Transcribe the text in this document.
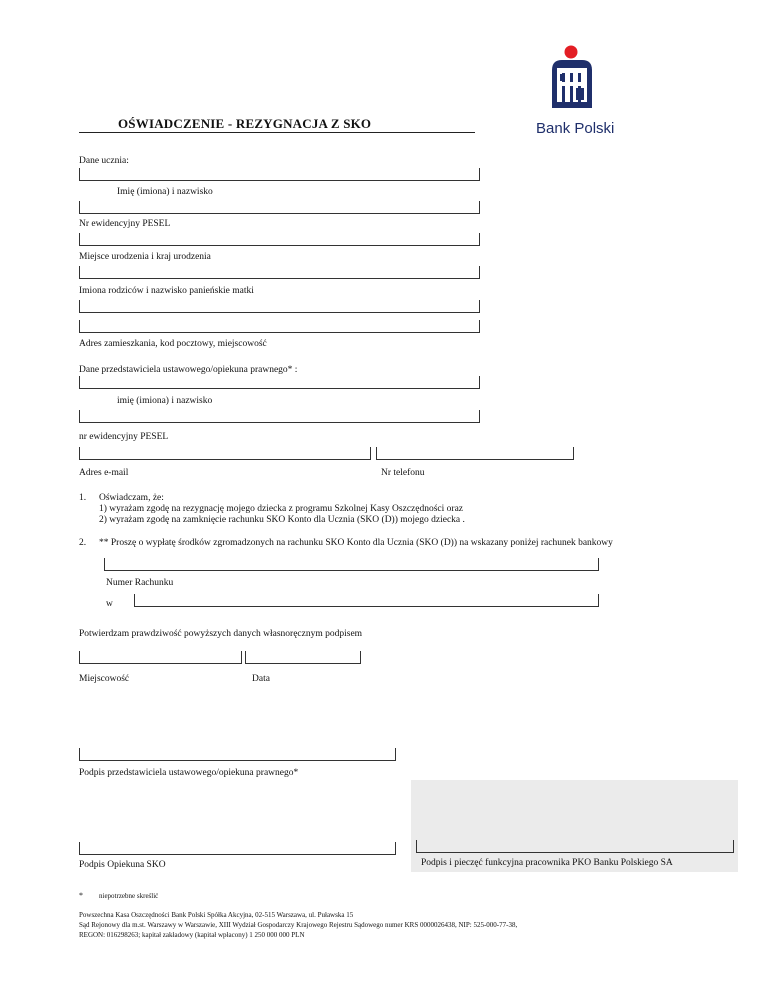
Bank Polski
OŚWIADCZENIE - REZYGNACJA Z SKO
Dane ucznia:
Imię (imiona) i nazwisko
Nr ewidencyjny PESEL
Miejsce urodzenia i kraj urodzenia
Imiona rodziców i nazwisko panieńskie matki
Adres zamieszkania, kod pocztowy, miejscowość
Dane przedstawiciela ustawowego/opiekuna prawnego* :
imię (imiona) i nazwisko
nr ewidencyjny PESEL
Adres e-mail	Nr telefonu
1. Oświadczam, że:
1) wyrażam zgodę na rezygnację mojego dziecka z programu Szkolnej Kasy Oszczędności oraz
2) wyrażam zgodę na zamknięcie rachunku SKO Konto dla Ucznia (SKO (D)) mojego dziecka .
2. ** Proszę o wypłatę środków zgromadzonych na rachunku SKO Konto dla Ucznia (SKO (D)) na wskazany poniżej rachunek bankowy
Numer Rachunku
w
Potwierdzam prawdziwość powyższych danych własnoręcznym podpisem
Miejscowość	Data
Podpis przedstawiciela ustawowego/opiekuna prawnego*
Podpis i pieczęć funkcyjna pracownika PKO Banku Polskiego SA
Podpis Opiekuna SKO
* niepotrzebne skreślić
Powszechna Kasa Oszczędności Bank Polski Spółka Akcyjna, 02-515 Warszawa, ul. Puławska 15
Sąd Rejonowy dla m.st. Warszawy w Warszawie, XIII Wydział Gospodarczy Krajowego Rejestru Sądowego numer KRS 0000026438, NIP: 525-000-77-38,
REGON: 016298263; kapitał zakładowy (kapitał wpłacony) 1 250 000 000 PLN
